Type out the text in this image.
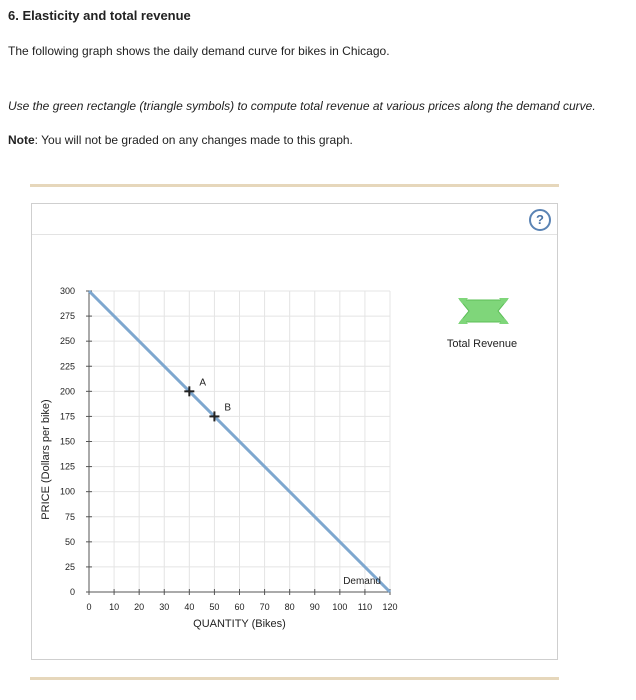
6. Elasticity and total revenue
The following graph shows the daily demand curve for bikes in Chicago.
Use the green rectangle (triangle symbols) to compute total revenue at various prices along the demand curve.
Note: You will not be graded on any changes made to this graph.
?
0 10 20 30 40 50 60 70 80 90 100 110 120
0
25
50
75
100
125
150
175
200
225
250
275
300
QUANTITY (Bikes)
PRICE (Dollars per bike)
Demand
A
B
Total Revenue
